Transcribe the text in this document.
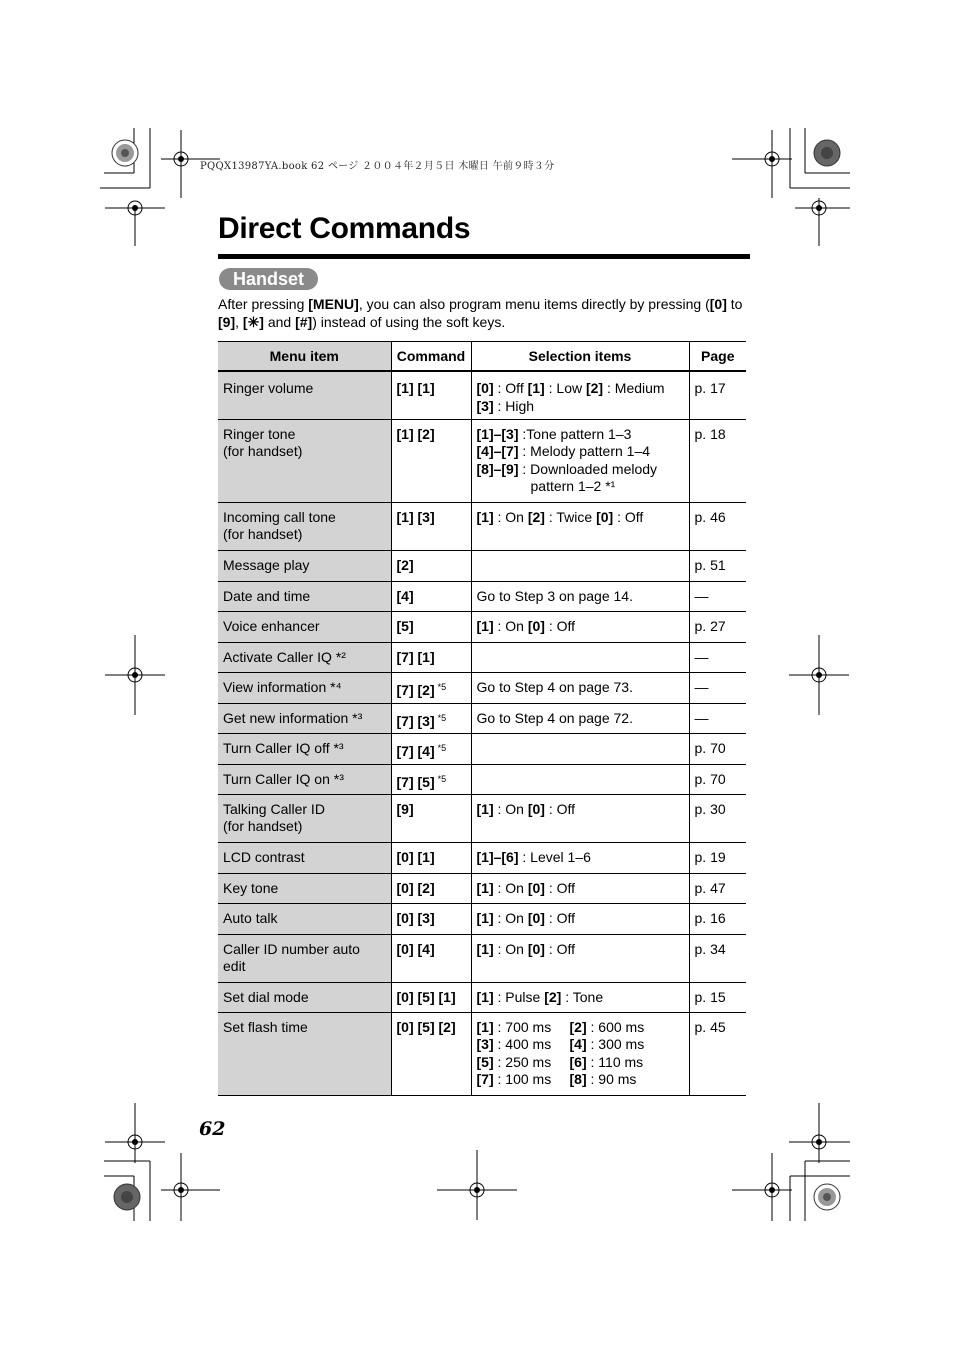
PQQX13987YA.book 62 ページ ２００４年２月５日 木曜日 午前９時３分
Direct Commands
Handset
After pressing [MENU], you can also program menu items directly by pressing ([0] to [9], [✳] and [#]) instead of using the soft keys.
Menu item	Command	Selection items	Page

Ringer volume	[1] [1]	[0] : Off [1] : Low [2] : Medium
[3] : High	p. 17

Ringer tone
(for handset)	[1] [2]	[1]–[3] :Tone pattern 1–3
[4]–[7] : Melody pattern 1–4
[8]–[9] : Downloaded melody
pattern 1–2 *¹	p. 18

Incoming call tone
(for handset)	[1] [3]	[1] : On [2] : Twice [0] : Off	p. 46

Message play	[2]		p. 51

Date and time	[4]	Go to Step 3 on page 14.	—

Voice enhancer	[5]	[1] : On [0] : Off	p. 27

Activate Caller IQ *²	[7] [1]		—

View information *⁴	[7] [2] $^{*5}$	Go to Step 4 on page 73.	—

Get new information *³	[7] [3] $^{*5}$	Go to Step 4 on page 72.	—

Turn Caller IQ off *³	[7] [4] $^{*5}$		p. 70

Turn Caller IQ on *³	[7] [5] $^{*5}$		p. 70

Talking Caller ID
(for handset)	[9]	[1] : On [0] : Off	p. 30

LCD contrast	[0] [1]	[1]–[6] : Level 1–6	p. 19

Key tone	[0] [2]	[1] : On [0] : Off	p. 47

Auto talk	[0] [3]	[1] : On [0] : Off	p. 16

Caller ID number auto
edit	[0] [4]	[1] : On [0] : Off	p. 34

Set dial mode	[0] [5] [1]	[1] : Pulse [2] : Tone	p. 15

Set flash time	[0] [5] [2]	[1] : 700 ms [2] : 600 ms
[3] : 400 ms [4] : 300 ms
[5] : 250 ms [6] : 110 ms
[7] : 100 ms [8] : 90 ms	p. 45
62
